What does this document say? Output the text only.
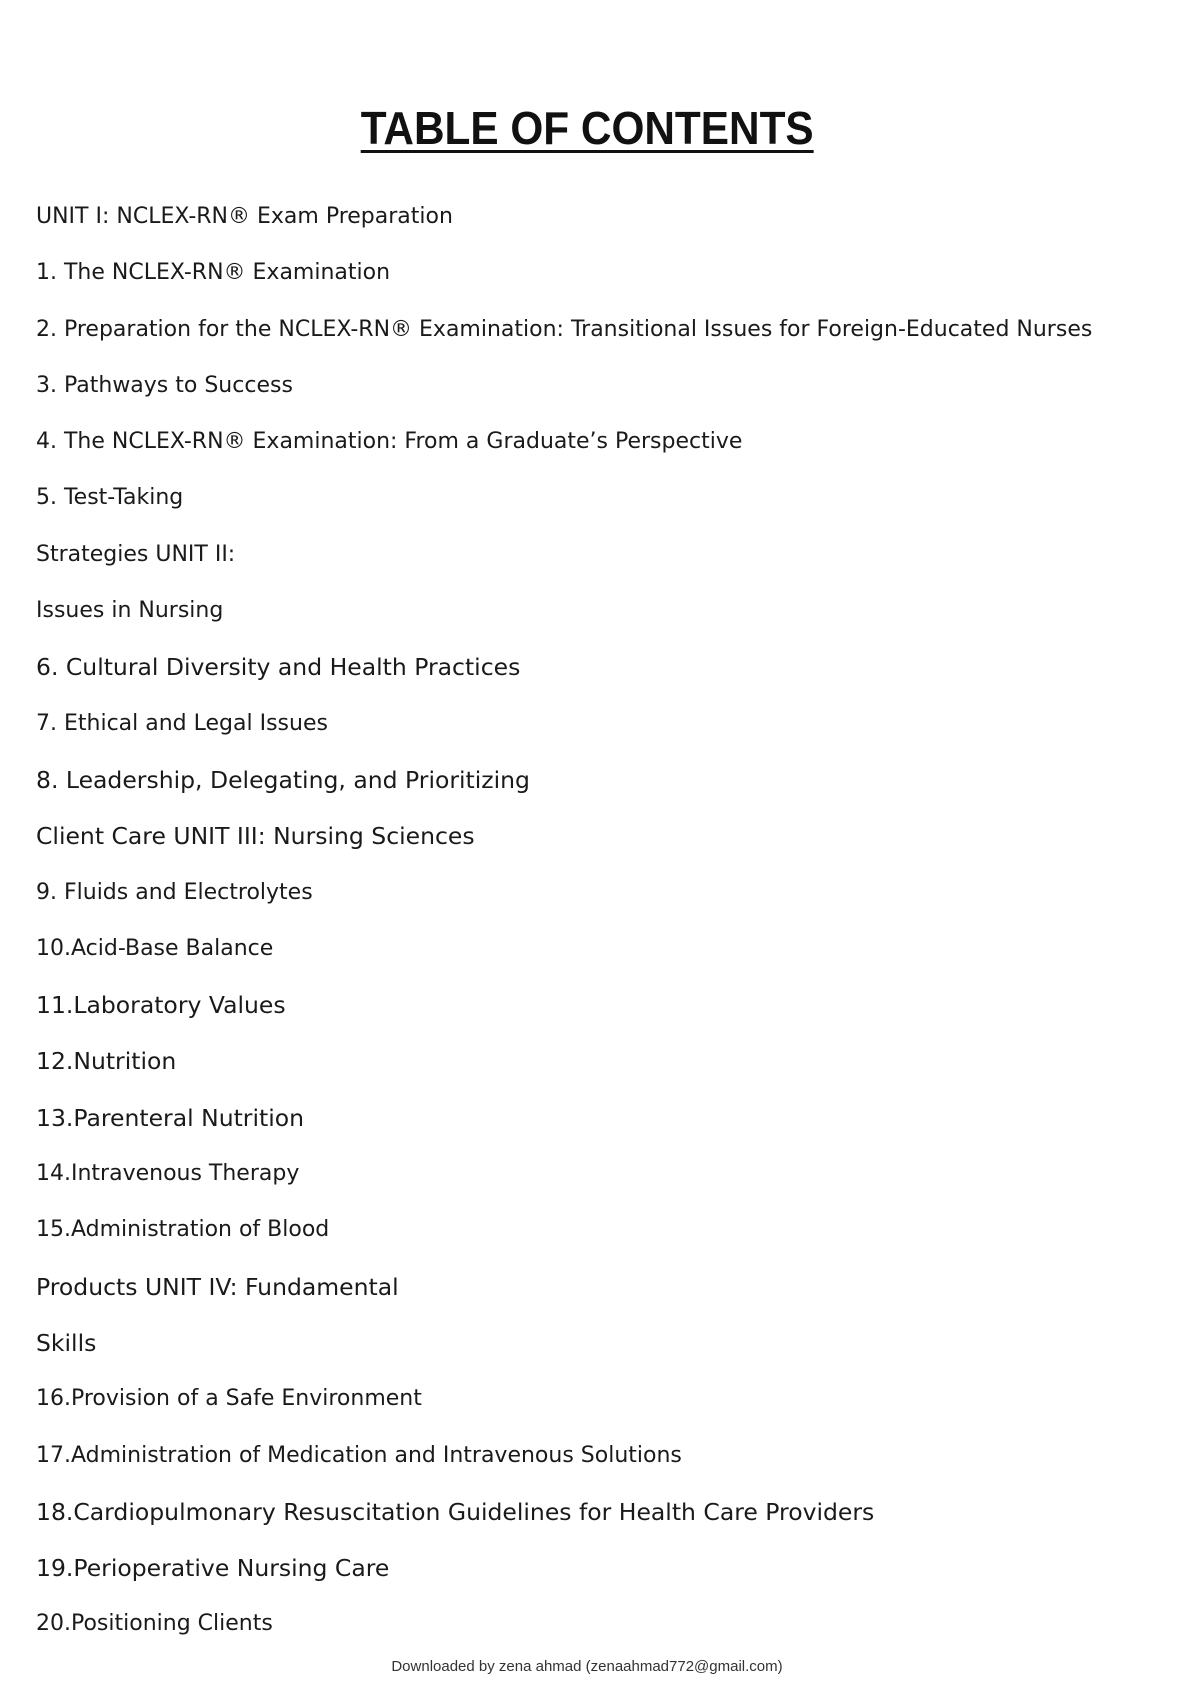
TABLE OF CONTENTS
UNIT I: NCLEX-RN® Exam Preparation
1. The NCLEX-RN® Examination
2. Preparation for the NCLEX-RN® Examination: Transitional Issues for Foreign-Educated Nurses
3. Pathways to Success
4. The NCLEX-RN® Examination: From a Graduate’s Perspective
5. Test-Taking
Strategies UNIT II:
Issues in Nursing
6. Cultural Diversity and Health Practices
7. Ethical and Legal Issues
8. Leadership, Delegating, and Prioritizing
Client Care UNIT III: Nursing Sciences
9. Fluids and Electrolytes
10.Acid-Base Balance
11.Laboratory Values
12.Nutrition
13.Parenteral Nutrition
14.Intravenous Therapy
15.Administration of Blood
Products UNIT IV: Fundamental
Skills
16.Provision of a Safe Environment
17.Administration of Medication and Intravenous Solutions
18.Cardiopulmonary Resuscitation Guidelines for Health Care Providers
19.Perioperative Nursing Care
20.Positioning Clients
Downloaded by zena ahmad (zenaahmad772@gmail.com)
